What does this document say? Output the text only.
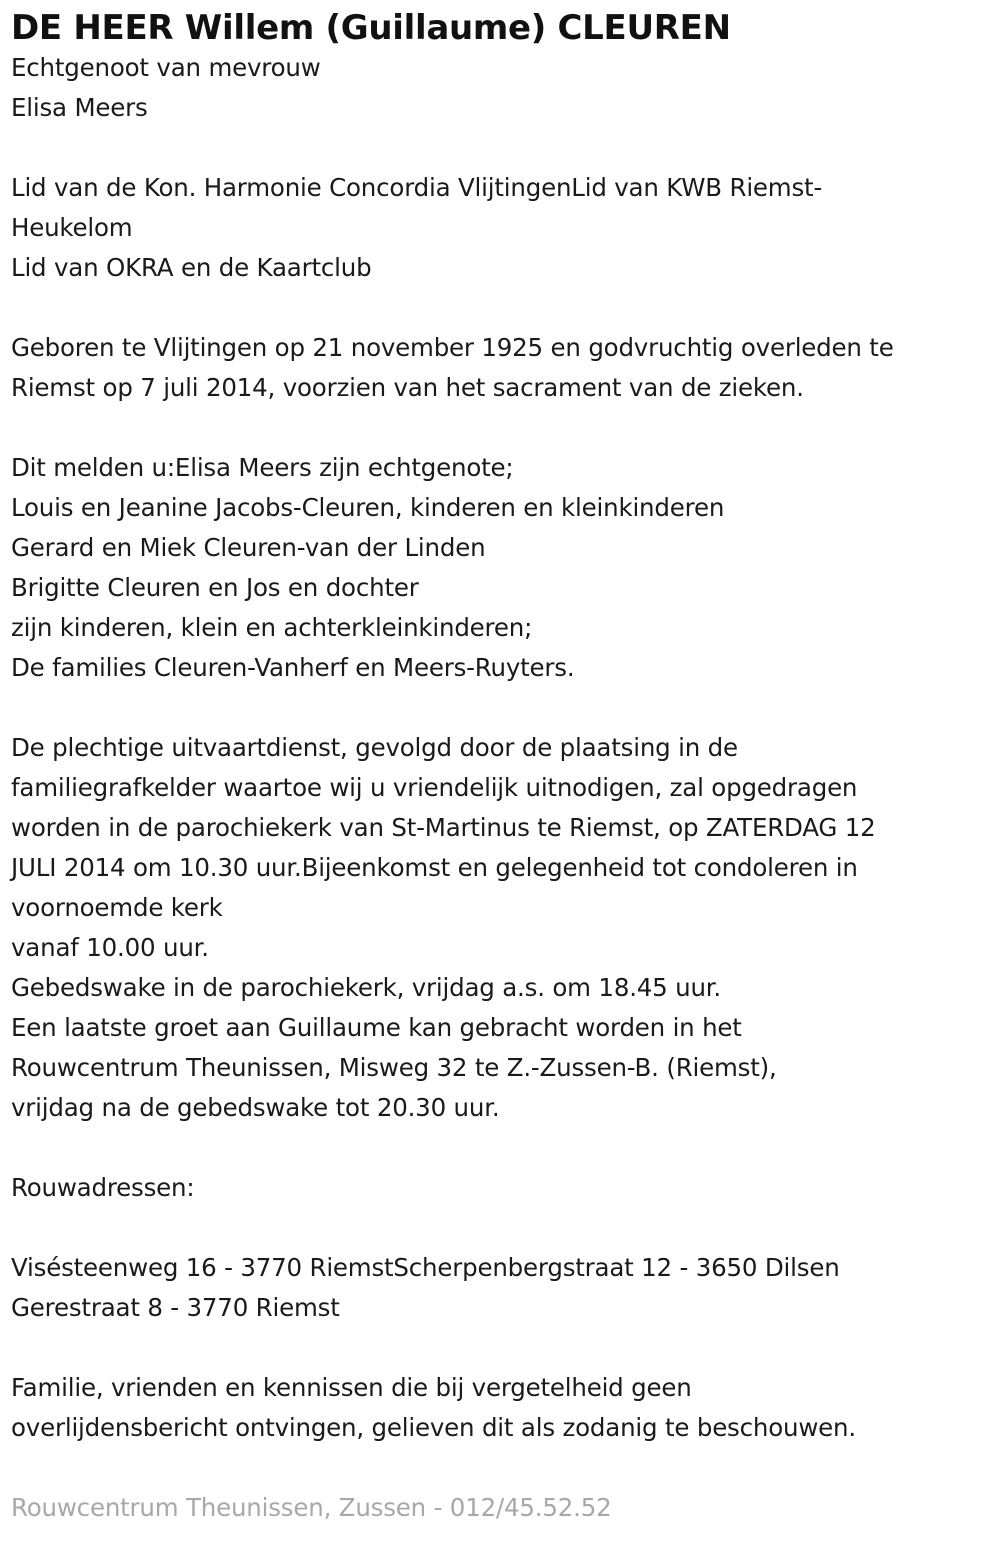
DE HEER Willem (Guillaume) CLEUREN
Echtgenoot van mevrouw
Elisa Meers
Lid van de Kon. Harmonie Concordia VlijtingenLid van KWB Riemst-
Heukelom
Lid van OKRA en de Kaartclub
Geboren te Vlijtingen op 21 november 1925 en godvruchtig overleden te
Riemst op 7 juli 2014, voorzien van het sacrament van de zieken.
Dit melden u:Elisa Meers zijn echtgenote;
Louis en Jeanine Jacobs-Cleuren, kinderen en kleinkinderen
Gerard en Miek Cleuren-van der Linden
Brigitte Cleuren en Jos en dochter
zijn kinderen, klein en achterkleinkinderen;
De families Cleuren-Vanherf en Meers-Ruyters.
De plechtige uitvaartdienst, gevolgd door de plaatsing in de
familiegrafkelder waartoe wij u vriendelijk uitnodigen, zal opgedragen
worden in de parochiekerk van St-Martinus te Riemst, op ZATERDAG 12
JULI 2014 om 10.30 uur.Bijeenkomst en gelegenheid tot condoleren in
voornoemde kerk
vanaf 10.00 uur.
Gebedswake in de parochiekerk, vrijdag a.s. om 18.45 uur.
Een laatste groet aan Guillaume kan gebracht worden in het
Rouwcentrum Theunissen, Misweg 32 te Z.-Zussen-B. (Riemst),
vrijdag na de gebedswake tot 20.30 uur.
Rouwadressen:
Visésteenweg 16 - 3770 RiemstScherpenbergstraat 12 - 3650 Dilsen
Gerestraat 8 - 3770 Riemst
Familie, vrienden en kennissen die bij vergetelheid geen
overlijdensbericht ontvingen, gelieven dit als zodanig te beschouwen.
Rouwcentrum Theunissen, Zussen - 012/45.52.52
